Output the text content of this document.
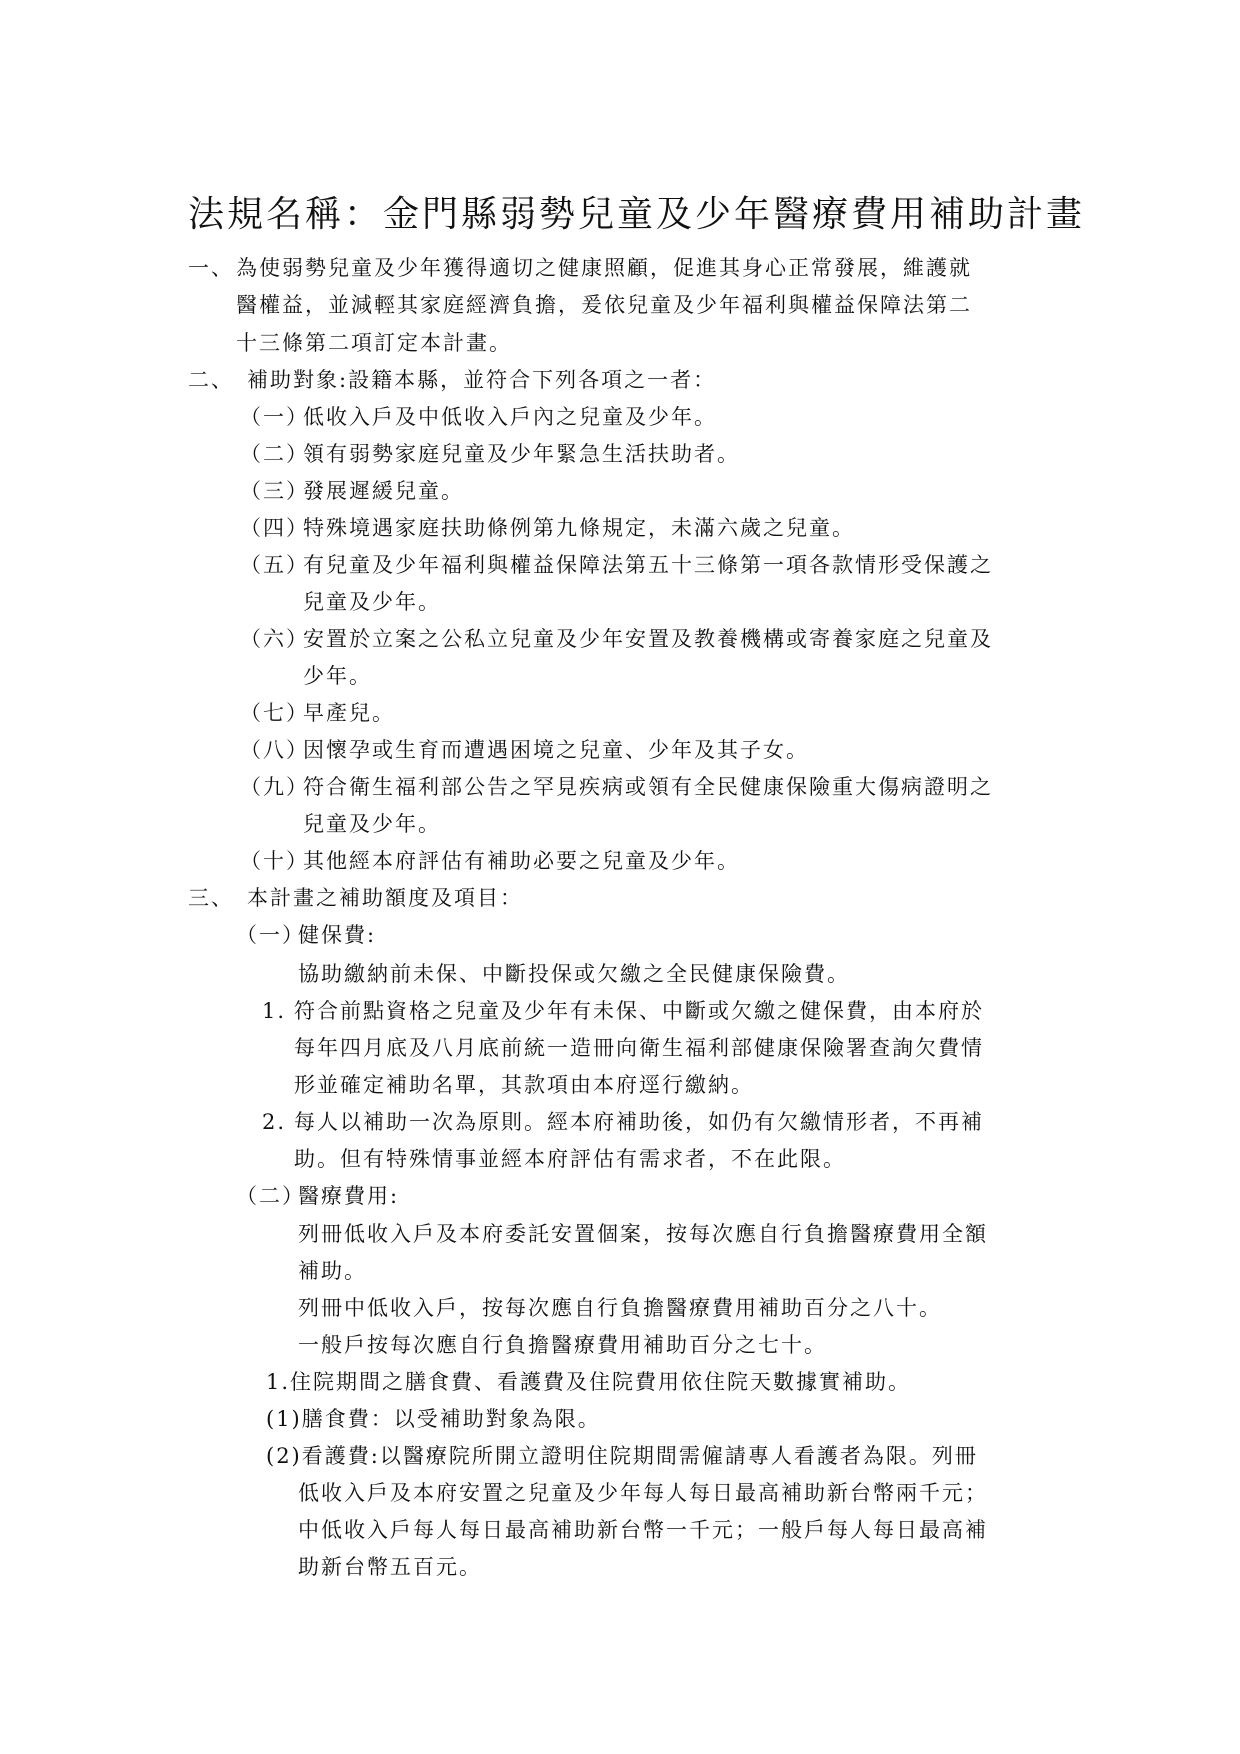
法規名稱：金門縣弱勢兒童及少年醫療費用補助計畫
一、 為使弱勢兒童及少年獲得適切之健康照顧，促進其身心正常發展，維護就
醫權益，並減輕其家庭經濟負擔，爰依兒童及少年福利與權益保障法第二
十三條第二項訂定本計畫。
二、 補助對象:設籍本縣，並符合下列各項之一者：
（一）
低收入戶及中低收入戶內之兒童及少年。
（二）
領有弱勢家庭兒童及少年緊急生活扶助者。
（三）
發展遲緩兒童。
（四）
特殊境遇家庭扶助條例第九條規定，未滿六歲之兒童。
（五）
有兒童及少年福利與權益保障法第五十三條第一項各款情形受保護之
兒童及少年。
（六）
安置於立案之公私立兒童及少年安置及教養機構或寄養家庭之兒童及
少年。
（七）
早產兒。
（八）
因懷孕或生育而遭遇困境之兒童、少年及其子女。
（九）
符合衛生福利部公告之罕見疾病或領有全民健康保險重大傷病證明之
兒童及少年。
（十）
其他經本府評估有補助必要之兒童及少年。
三、 本計畫之補助額度及項目：
（一）
健保費:
協助繳納前未保、中斷投保或欠繳之全民健康保險費。
1. 符合前點資格之兒童及少年有未保、中斷或欠繳之健保費，由本府於
每年四月底及八月底前統一造冊向衛生福利部健康保險署查詢欠費情
形並確定補助名單，其款項由本府逕行繳納。
2. 每人以補助一次為原則。經本府補助後，如仍有欠繳情形者，不再補
助。但有特殊情事並經本府評估有需求者，不在此限。
（二）
醫療費用:
列冊低收入戶及本府委託安置個案，按每次應自行負擔醫療費用全額
補助。
列冊中低收入戶，按每次應自行負擔醫療費用補助百分之八十。
一般戶按每次應自行負擔醫療費用補助百分之七十。
1.住院期間之膳食費、看護費及住院費用依住院天數據實補助。
(1)膳食費：以受補助對象為限。
(2)看護費:以醫療院所開立證明住院期間需僱請專人看護者為限。列冊
低收入戶及本府安置之兒童及少年每人每日最高補助新台幣兩千元；
中低收入戶每人每日最高補助新台幣一千元；一般戶每人每日最高補
助新台幣五百元。
